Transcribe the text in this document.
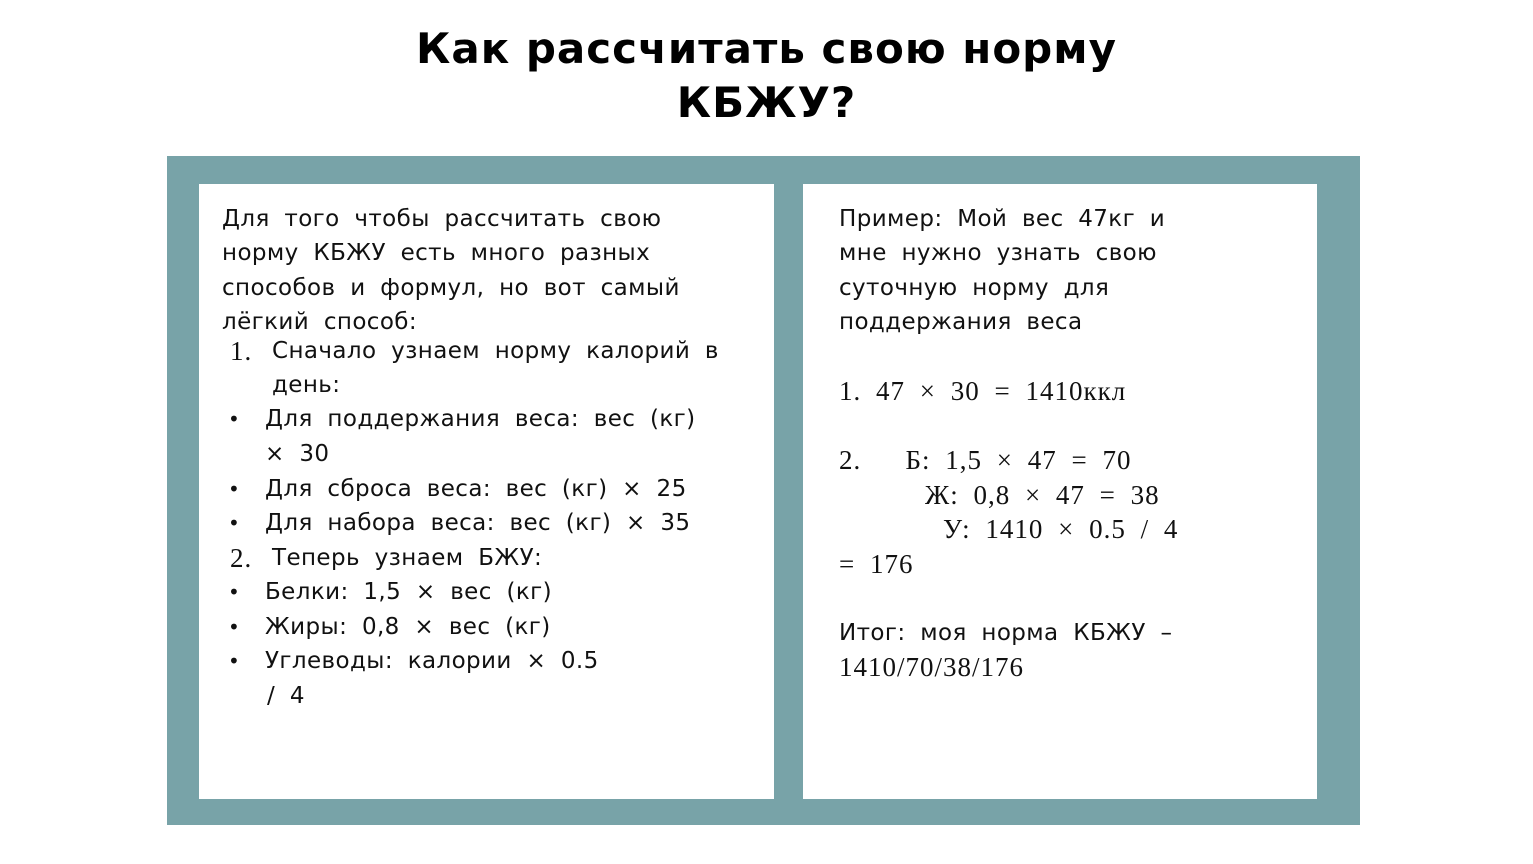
Как рассчитать свою норму
КБЖУ?
Для того чтобы рассчитать свою
норму КБЖУ есть много разных
способов и формул, но вот самый
лёгкий способ:
1. Сначало узнаем норму калорий в
день:
• Для поддержания веса: вес (кг)
× 30
• Для сброса веса: вес (кг) × 25
• Для набора веса: вес (кг) × 35
2. Теперь узнаем БЖУ:
• Белки: 1,5 × вес (кг)
• Жиры: 0,8 × вес (кг)
• Углеводы: калории × 0.5
/ 4
Пример: Мой вес 47кг и
мне нужно узнать свою
суточную норму для
поддержания веса
1. 47 × 30 = 1410ккл
2.   Б: 1,5 × 47 = 70
Ж: 0,8 × 47 = 38
У: 1410 × 0.5 / 4
= 176
Итог: моя норма КБЖУ –
1410/70/38/176
